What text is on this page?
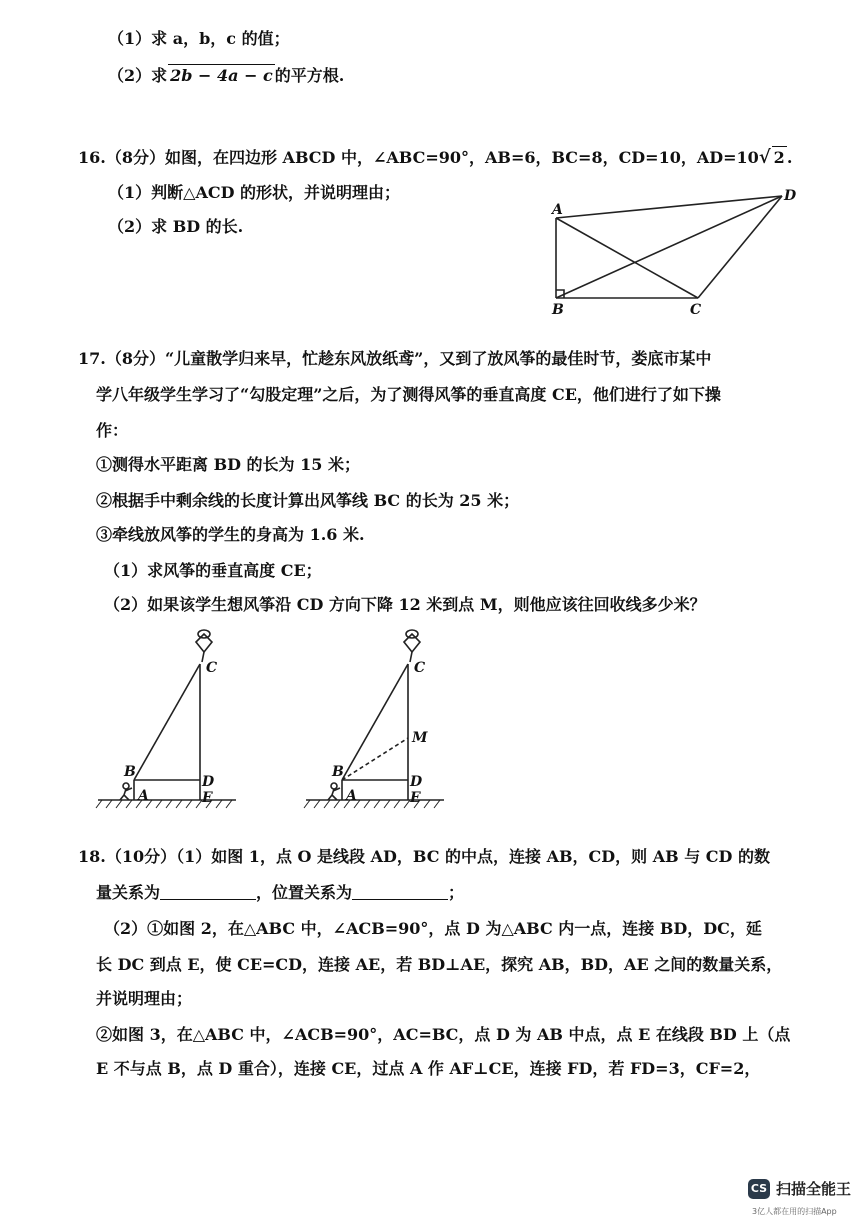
（1）求 a，b，c 的值；
（2）求 2b − 4a − c 的平方根.
16.（8分）如图，在四边形 ABCD 中，∠ABC=90°，AB=6，BC=8，CD=10，AD=10√ 2 .
（1）判断△ACD 的形状，并说明理由；
（2）求 BD 的长.
A
B	C
D
17.（8分）“儿童散学归来早，忙趁东风放纸鸢”，又到了放风筝的最佳时节，娄底市某中
学八年级学生学习了“勾股定理”之后，为了测得风筝的垂直高度 CE，他们进行了如下操
作：
①测得水平距离 BD 的长为 15 米；
②根据手中剩余线的长度计算出风筝线 BC 的长为 25 米；
③牵线放风筝的学生的身高为 1.6 米.
（1）求风筝的垂直高度 CE；
（2）如果该学生想风筝沿 CD 方向下降 12 米到点 M，则他应该往回收线多少米？
C
B
D
A	E
C
M
B
D
A	E
18.（10分）（1）如图 1，点 O 是线段 AD，BC 的中点，连接 AB，CD，则 AB 与 CD 的数
量关系为	，位置关系为	；
（2）①如图 2，在△ABC 中，∠ACB=90°，点 D 为△ABC 内一点，连接 BD，DC，延
长 DC 到点 E，使 CE=CD，连接 AE，若 BD⊥AE，探究 AB，BD，AE 之间的数量关系，
并说明理由；
②如图 3，在△ABC 中，∠ACB=90°，AC=BC，点 D 为 AB 中点，点 E 在线段 BD 上（点
E 不与点 B，点 D 重合），连接 CE，过点 A 作 AF⊥CE，连接 FD，若 FD=3，CF=2，
CS 扫描全能王
3亿人都在用的扫描App
